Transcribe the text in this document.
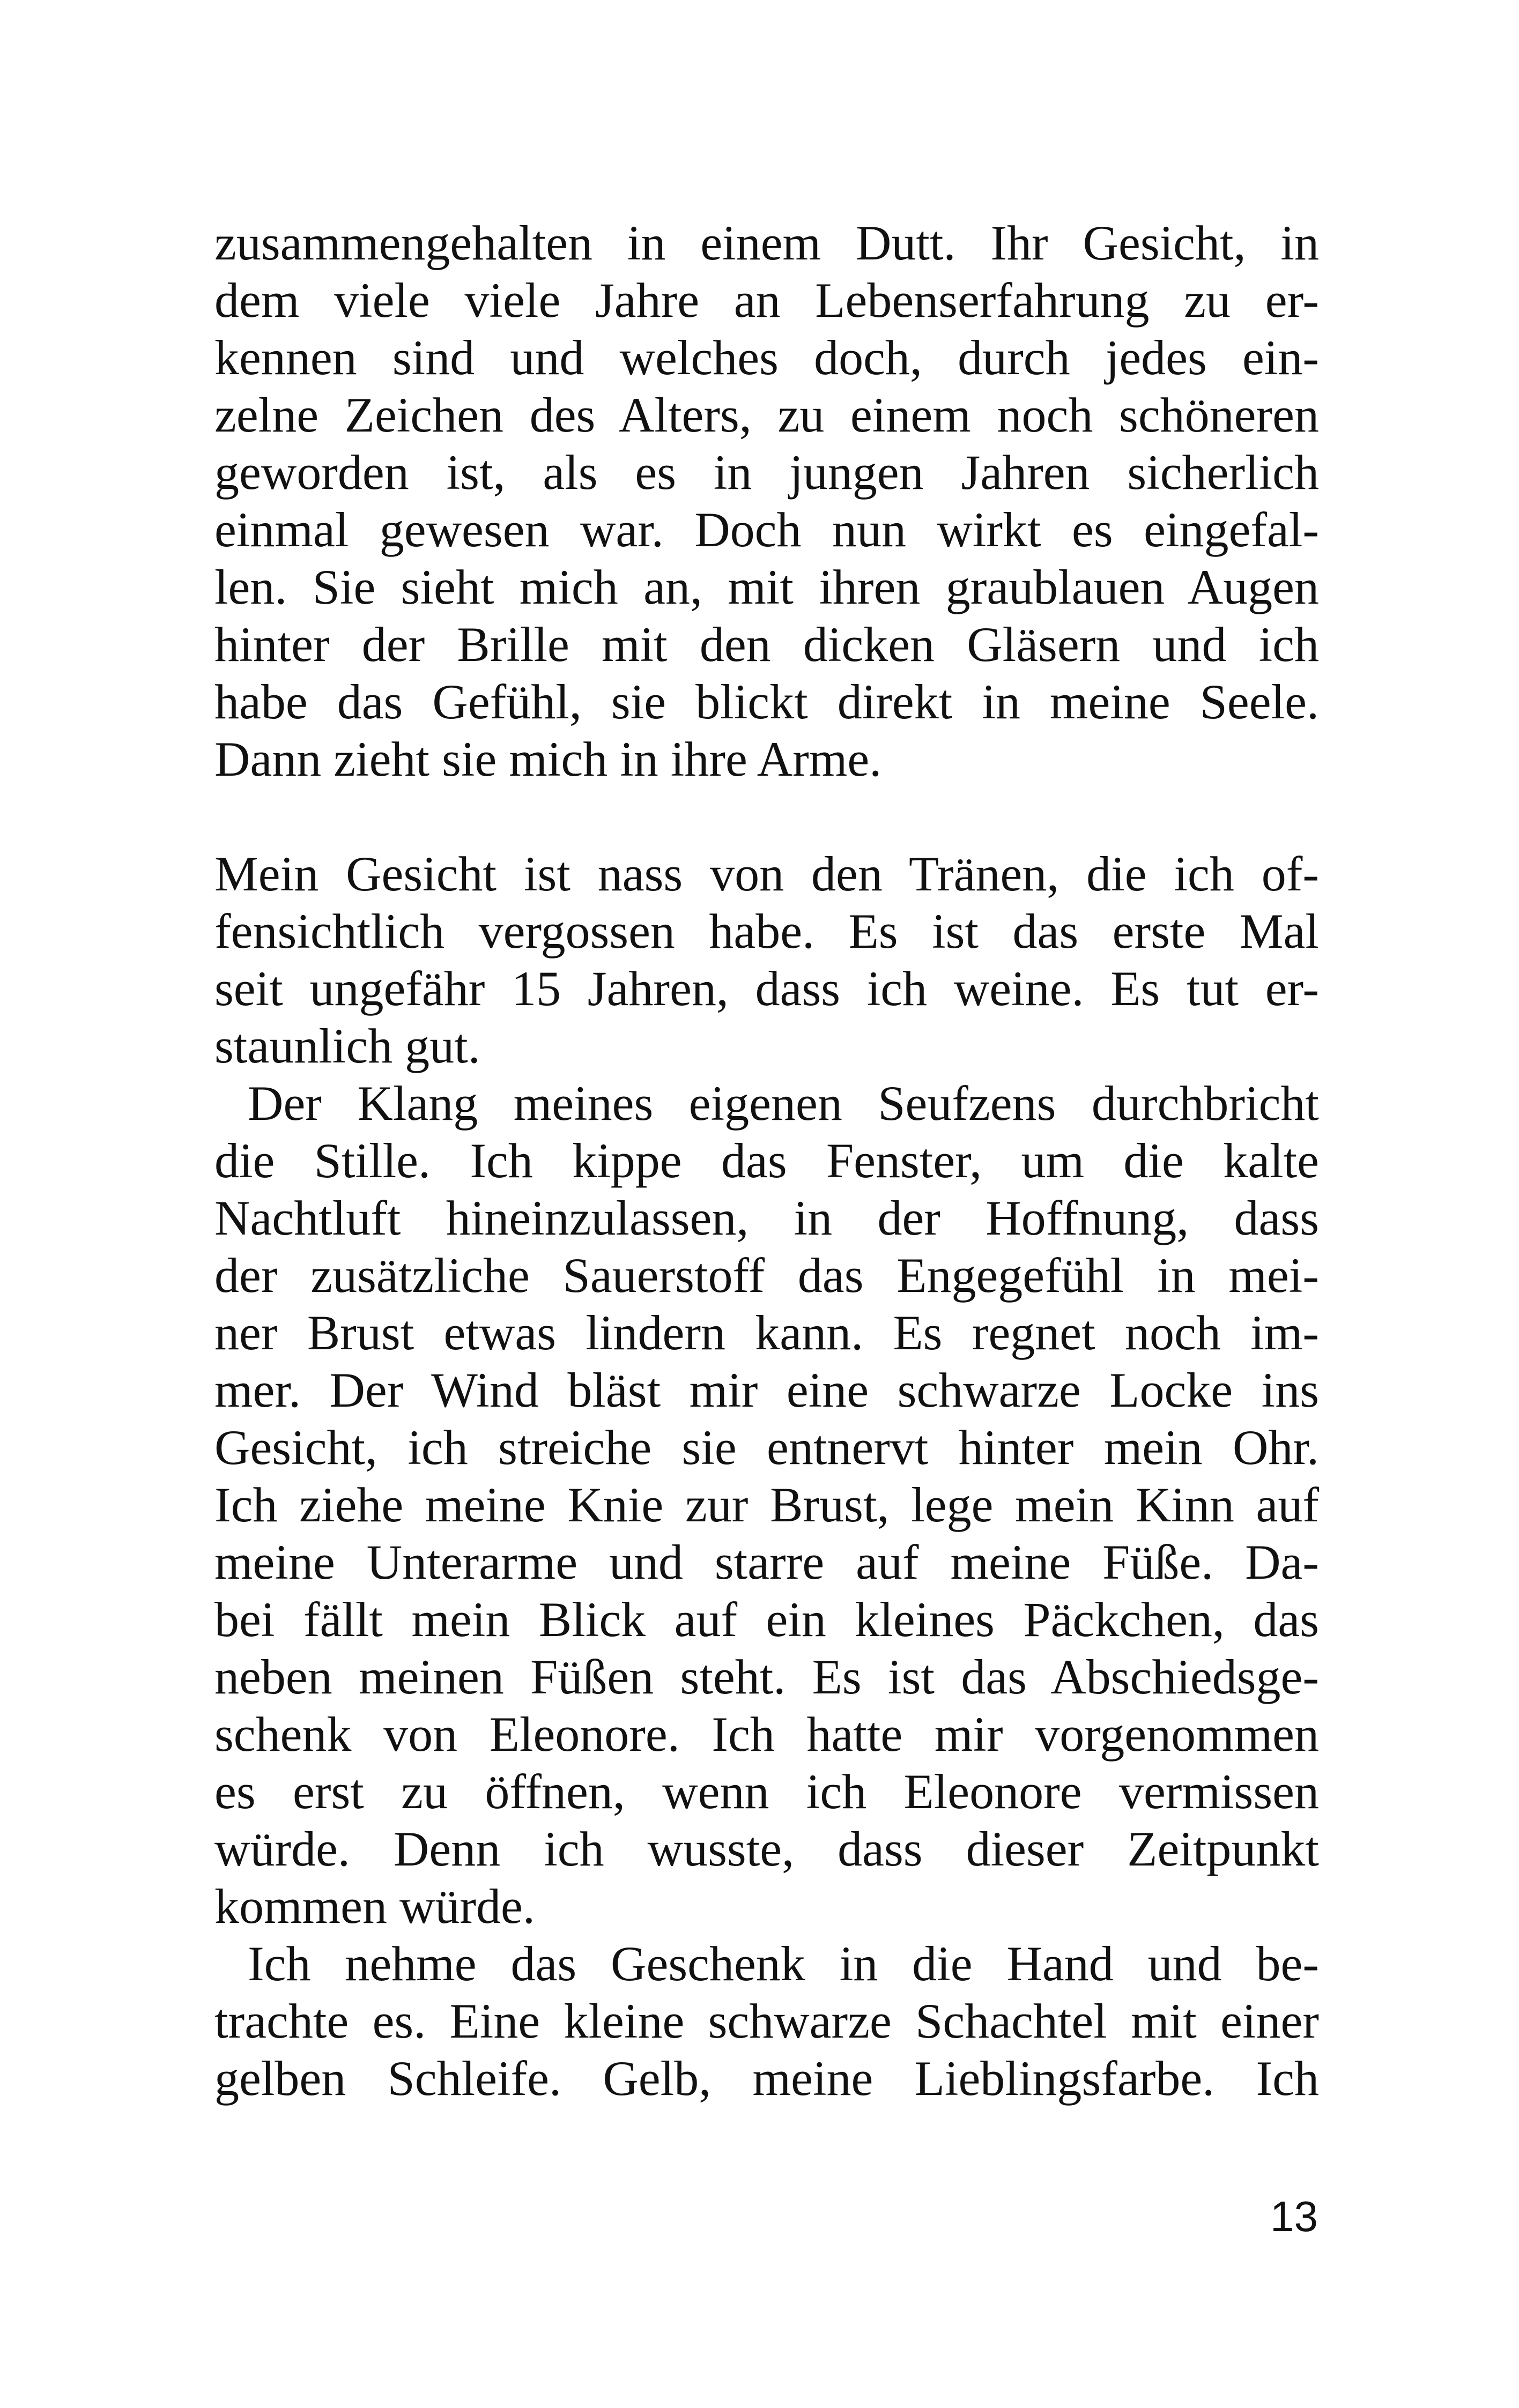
zusammengehalten in einem Dutt. Ihr Gesicht, in
dem viele viele Jahre an Lebenserfahrung zu er-
kennen sind und welches doch, durch jedes ein-
zelne Zeichen des Alters, zu einem noch schöneren
geworden ist, als es in jungen Jahren sicherlich
einmal gewesen war. Doch nun wirkt es eingefal-
len. Sie sieht mich an, mit ihren graublauen Augen
hinter der Brille mit den dicken Gläsern und ich
habe das Gefühl, sie blickt direkt in meine Seele.
Dann zieht sie mich in ihre Arme.
Mein Gesicht ist nass von den Tränen, die ich of-
fensichtlich vergossen habe. Es ist das erste Mal
seit ungefähr 15 Jahren, dass ich weine. Es tut er-
staunlich gut.
Der Klang meines eigenen Seufzens durchbricht
die Stille. Ich kippe das Fenster, um die kalte
Nachtluft hineinzulassen, in der Hoffnung, dass
der zusätzliche Sauerstoff das Engegefühl in mei-
ner Brust etwas lindern kann. Es regnet noch im-
mer. Der Wind bläst mir eine schwarze Locke ins
Gesicht, ich streiche sie entnervt hinter mein Ohr.
Ich ziehe meine Knie zur Brust, lege mein Kinn auf
meine Unterarme und starre auf meine Füße. Da-
bei fällt mein Blick auf ein kleines Päckchen, das
neben meinen Füßen steht. Es ist das Abschiedsge-
schenk von Eleonore. Ich hatte mir vorgenommen
es erst zu öffnen, wenn ich Eleonore vermissen
würde. Denn ich wusste, dass dieser Zeitpunkt
kommen würde.
Ich nehme das Geschenk in die Hand und be-
trachte es. Eine kleine schwarze Schachtel mit einer
gelben Schleife. Gelb, meine Lieblingsfarbe. Ich
13
